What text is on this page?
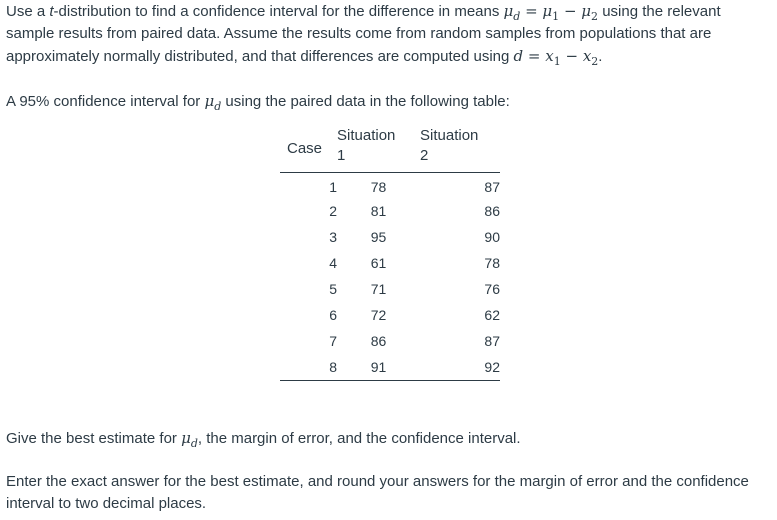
Use a t-distribution to find a confidence interval for the difference in means $\mu_d = \mu_1 - \mu_2$ using the relevant sample results from paired data. Assume the results come from random samples from populations that are approximately normally distributed, and that differences are computed using $d = x_1 - x_2$.

A 95% confidence interval for $\mu_d$ using the paired data in the following table:

Case	Situation 1	Situation 2
1	78	87
2	81	86
3	95	90
4	61	78
5	71	76
6	72	62
7	86	87
8	91	92

Give the best estimate for $\mu_d$, the margin of error, and the confidence interval.

Enter the exact answer for the best estimate, and round your answers for the margin of error and the confidence interval to two decimal places.
